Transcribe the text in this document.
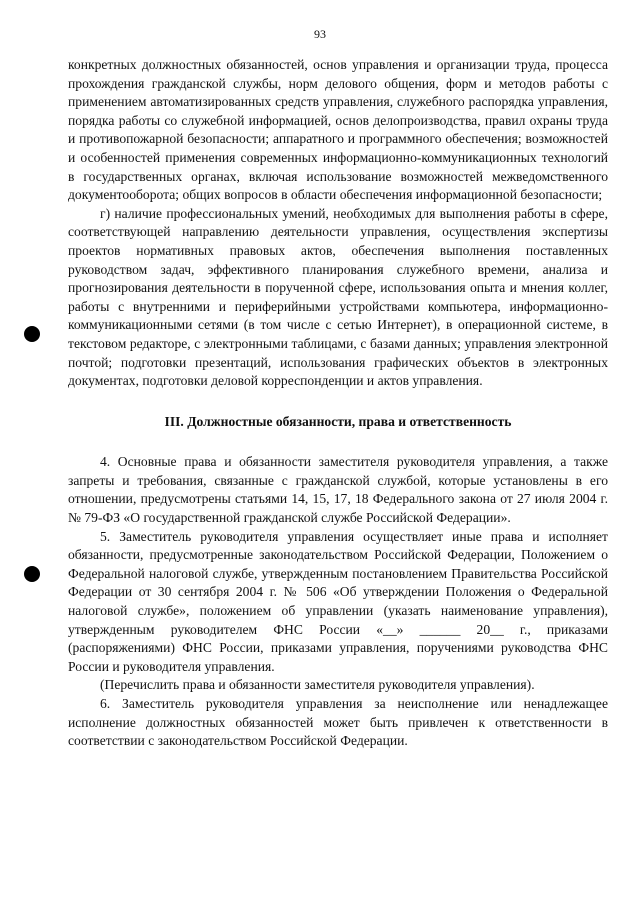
93

конкретных должностных обязанностей, основ управления и организации труда, процесса прохождения гражданской службы, норм делового общения, форм и методов работы с применением автоматизированных средств управления, служебного распорядка управления, порядка работы со служебной информацией, основ делопроизводства, правил охраны труда и противопожарной безопасности; аппаратного и программного обеспечения; возможностей и особенностей применения современных информационно-коммуникационных технологий в государственных органах, включая использование возможностей межведомственного документооборота; общих вопросов в области обеспечения информационной безопасности;

г) наличие профессиональных умений, необходимых для выполнения работы в сфере, соответствующей направлению деятельности управления, осуществления экспертизы проектов нормативных правовых актов, обеспечения выполнения поставленных руководством задач, эффективного планирования служебного времени, анализа и прогнозирования деятельности в порученной сфере, использования опыта и мнения коллег, работы с внутренними и периферийными устройствами компьютера, информационно-коммуникационными сетями (в том числе с сетью Интернет), в операционной системе, в текстовом редакторе, с электронными таблицами, с базами данных; управления электронной почтой; подготовки презентаций, использования графических объектов в электронных документах, подготовки деловой корреспонденции и актов управления.

III. Должностные обязанности, права и ответственность

4. Основные права и обязанности заместителя руководителя управления, а также запреты и требования, связанные с гражданской службой, которые установлены в его отношении, предусмотрены статьями 14, 15, 17, 18 Федерального закона от 27 июля 2004 г. № 79-ФЗ «О государственной гражданской службе Российской Федерации».

5. Заместитель руководителя управления осуществляет иные права и исполняет обязанности, предусмотренные законодательством Российской Федерации, Положением о Федеральной налоговой службе, утвержденным постановлением Правительства Российской Федерации от 30 сентября 2004 г. № 506 «Об утверждении Положения о Федеральной налоговой службе», положением об управлении (указать наименование управления), утвержденным руководителем ФНС России «__» ______ 20__ г., приказами (распоряжениями) ФНС России, приказами управления, поручениями руководства ФНС России и руководителя управления.

(Перечислить права и обязанности заместителя руководителя управления).

6. Заместитель руководителя управления за неисполнение или ненадлежащее исполнение должностных обязанностей может быть привлечен к ответственности в соответствии с законодательством Российской Федерации.
